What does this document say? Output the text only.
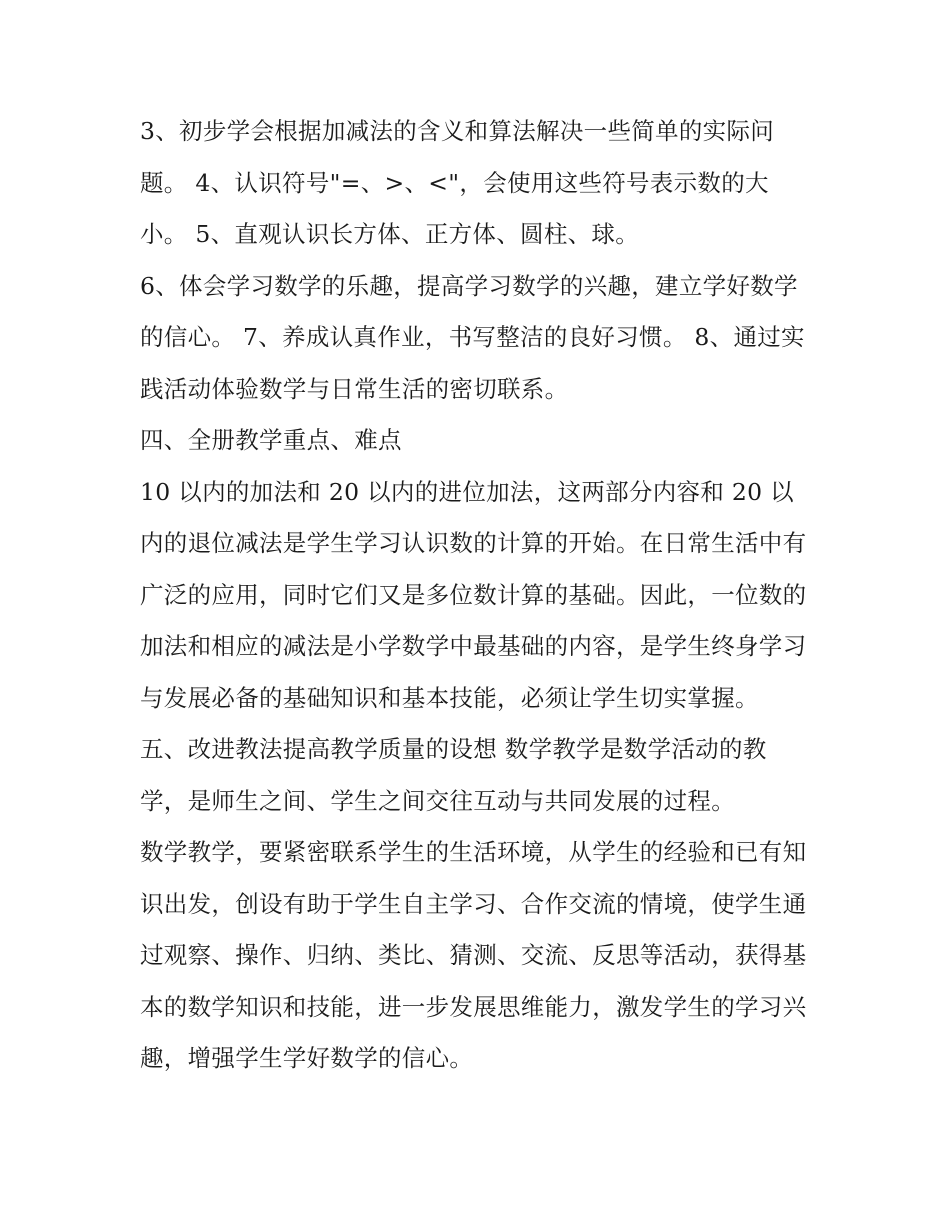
3、初步学会根据加减法的含义和算法解决一些简单的实际问题。 4、认识符号"=、>、<"，会使用这些符号表示数的大小。 5、直观认识长方体、正方体、圆柱、球。

6、体会学习数学的乐趣，提高学习数学的兴趣，建立学好数学的信心。 7、养成认真作业，书写整洁的良好习惯。 8、通过实践活动体验数学与日常生活的密切联系。

四、全册教学重点、难点

10 以内的加法和 20 以内的进位加法，这两部分内容和 20 以内的退位减法是学生学习认识数的计算的开始。在日常生活中有广泛的应用，同时它们又是多位数计算的基础。因此，一位数的加法和相应的减法是小学数学中最基础的内容，是学生终身学习与发展必备的基础知识和基本技能，必须让学生切实掌握。

五、改进教法提高教学质量的设想 数学教学是数学活动的教学，是师生之间、学生之间交往互动与共同发展的过程。

数学教学，要紧密联系学生的生活环境，从学生的经验和已有知识出发，创设有助于学生自主学习、合作交流的情境，使学生通过观察、操作、归纳、类比、猜测、交流、反思等活动，获得基本的数学知识和技能，进一步发展思维能力，激发学生的学习兴趣，增强学生学好数学的信心。
